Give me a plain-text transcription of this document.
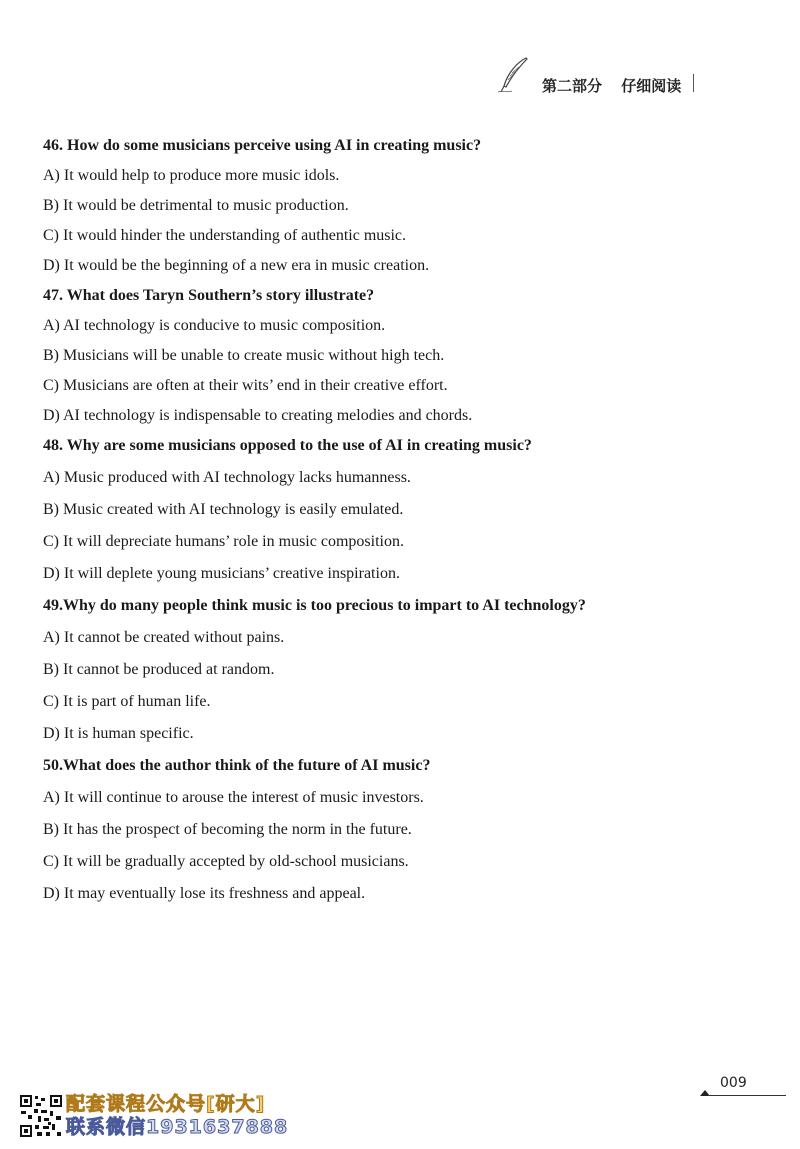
第二部分 仔细阅读
46. How do some musicians perceive using AI in creating music?
A) It would help to produce more music idols.
B) It would be detrimental to music production.
C) It would hinder the understanding of authentic music.
D) It would be the beginning of a new era in music creation.
47. What does Taryn Southern’s story illustrate?
A) AI technology is conducive to music composition.
B) Musicians will be unable to create music without high tech.
C) Musicians are often at their wits’ end in their creative effort.
D) AI technology is indispensable to creating melodies and chords.
48. Why are some musicians opposed to the use of AI in creating music?
A) Music produced with AI technology lacks humanness.
B) Music created with AI technology is easily emulated.
C) It will depreciate humans’ role in music composition.
D) It will deplete young musicians’ creative inspiration.
49.Why do many people think music is too precious to impart to AI technology?
A) It cannot be created without pains.
B) It cannot be produced at random.
C) It is part of human life.
D) It is human specific.
50.What does the author think of the future of AI music?
A) It will continue to arouse the interest of music investors.
B) It has the prospect of becoming the norm in the future.
C) It will be gradually accepted by old-school musicians.
D) It may eventually lose its freshness and appeal.
009
配套课程公众号[研大]
联系微信1931637888
